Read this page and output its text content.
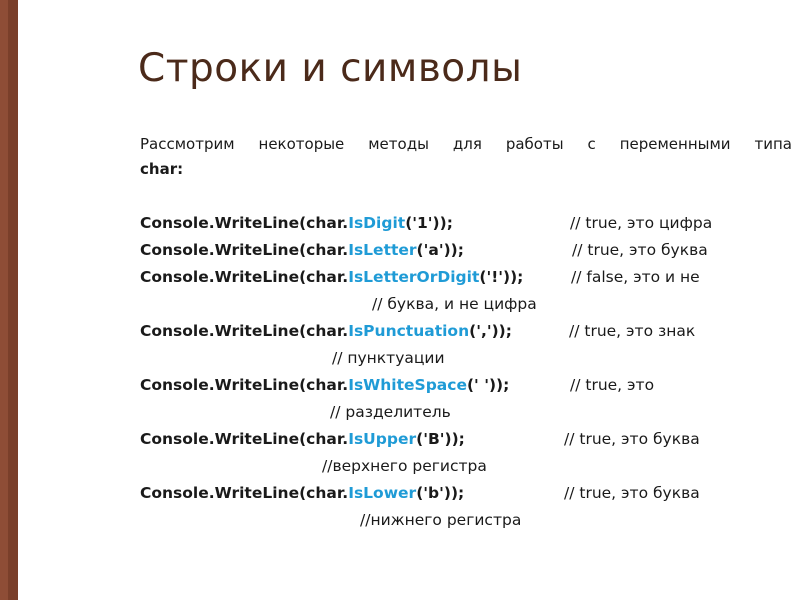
Строки и символы
Рассмотрим некоторые методы для работы с переменными типа
char:
Console.WriteLine(char.IsDigit('1'));	// true, это цифра
Console.WriteLine(char.IsLetter('a'));	// true, это буква
Console.WriteLine(char.IsLetterOrDigit('!'));	// false, это и не
// буква, и не цифра
Console.WriteLine(char.IsPunctuation(','));	// true, это знак
// пунктуации
Console.WriteLine(char.IsWhiteSpace(' '));	// true, это
// разделитель
Console.WriteLine(char.IsUpper('B'));	// true, это буква
//верхнего регистра
Console.WriteLine(char.IsLower('b'));	// true, это буква
//нижнего регистра
